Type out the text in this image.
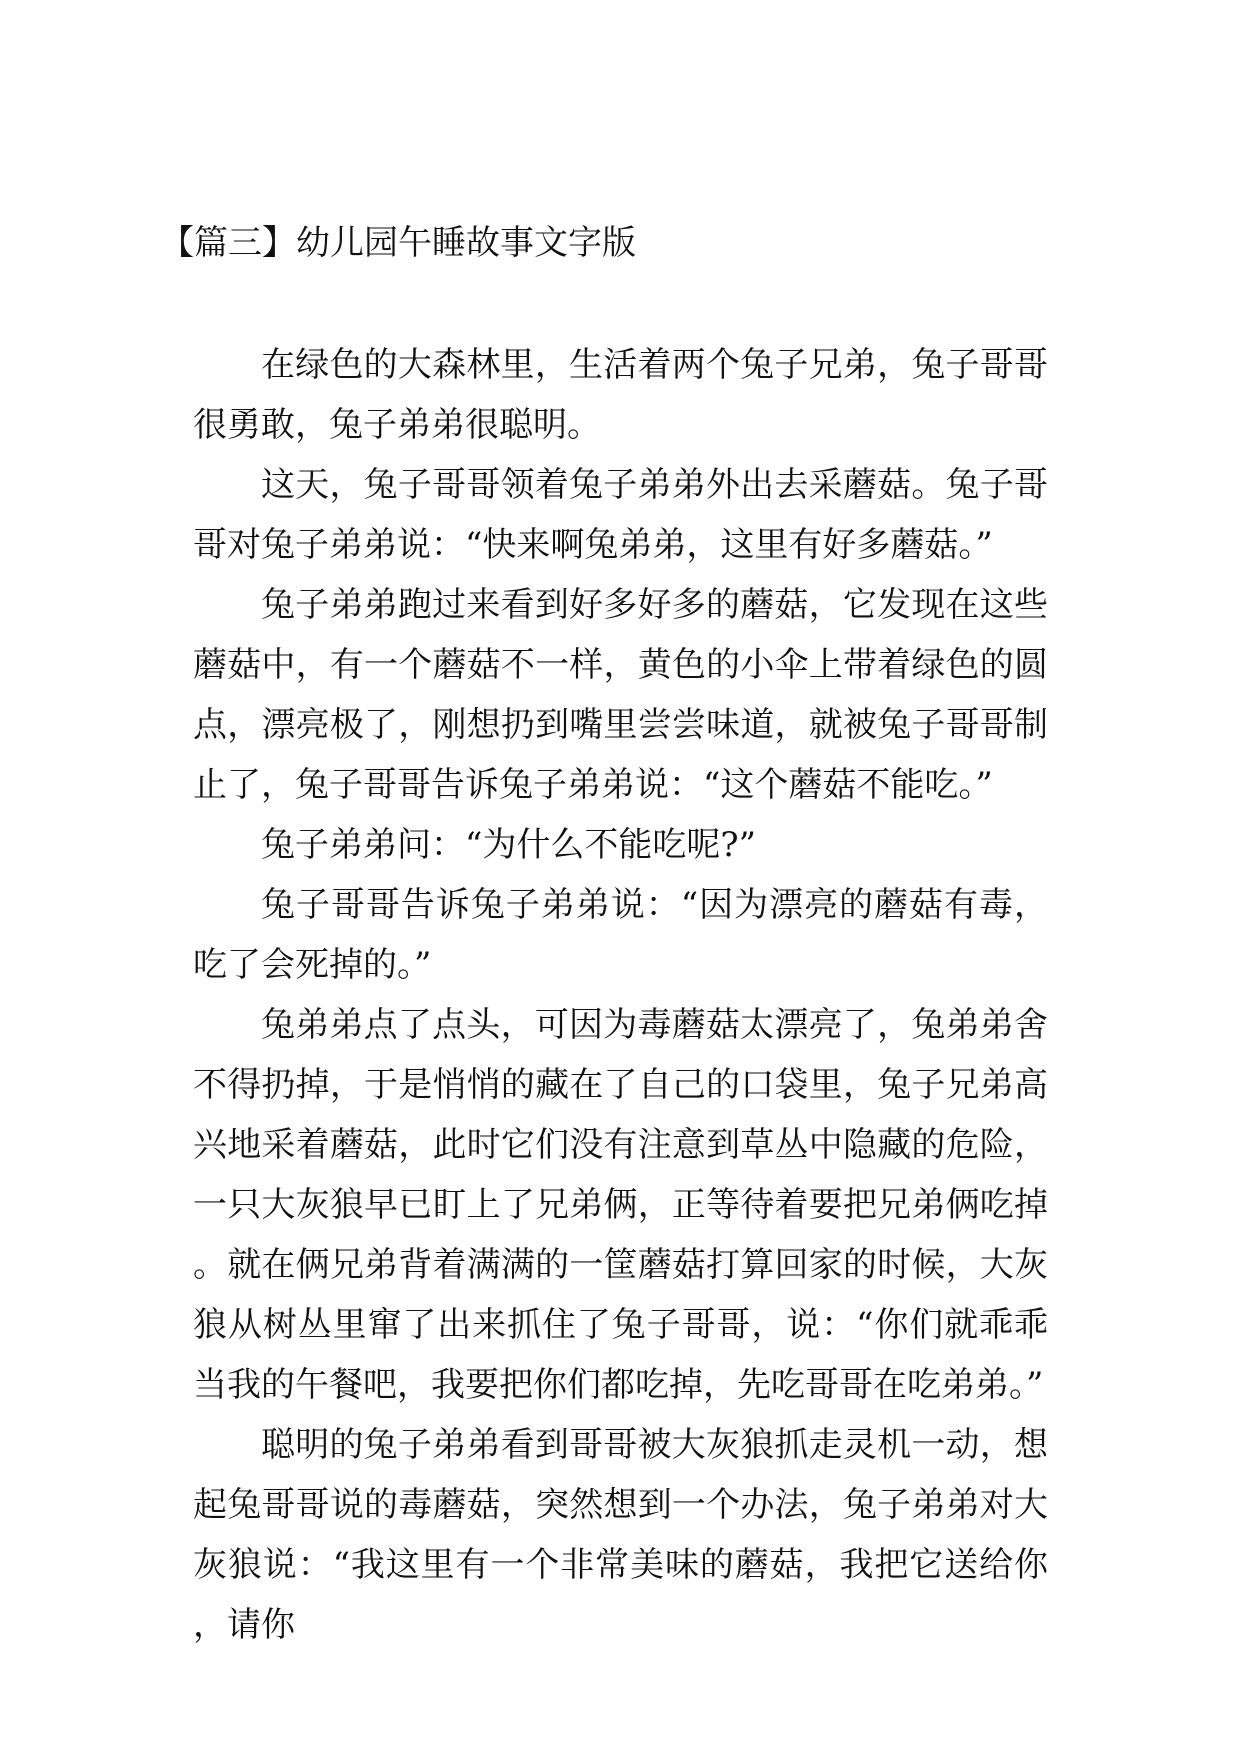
【篇三】幼儿园午睡故事文字版

在绿色的大森林里，生活着两个兔子兄弟，兔子哥哥很勇敢，兔子弟弟很聪明。

这天，兔子哥哥领着兔子弟弟外出去采蘑菇。兔子哥哥对兔子弟弟说：“快来啊兔弟弟，这里有好多蘑菇。”

兔子弟弟跑过来看到好多好多的蘑菇，它发现在这些蘑菇中，有一个蘑菇不一样，黄色的小伞上带着绿色的圆点，漂亮极了，刚想扔到嘴里尝尝味道，就被兔子哥哥制止了，兔子哥哥告诉兔子弟弟说：“这个蘑菇不能吃。”

兔子弟弟问：“为什么不能吃呢?”

兔子哥哥告诉兔子弟弟说：“因为漂亮的蘑菇有毒，吃了会死掉的。”

兔弟弟点了点头，可因为毒蘑菇太漂亮了，兔弟弟舍不得扔掉，于是悄悄的藏在了自己的口袋里，兔子兄弟高兴地采着蘑菇，此时它们没有注意到草丛中隐藏的危险，一只大灰狼早已盯上了兄弟俩，正等待着要把兄弟俩吃掉。就在俩兄弟背着满满的一筐蘑菇打算回家的时候，大灰狼从树丛里窜了出来抓住了兔子哥哥，说：“你们就乖乖当我的午餐吧，我要把你们都吃掉，先吃哥哥在吃弟弟。”

聪明的兔子弟弟看到哥哥被大灰狼抓走灵机一动，想起兔哥哥说的毒蘑菇，突然想到一个办法，兔子弟弟对大灰狼说：“我这里有一个非常美味的蘑菇，我把它送给你，请你
